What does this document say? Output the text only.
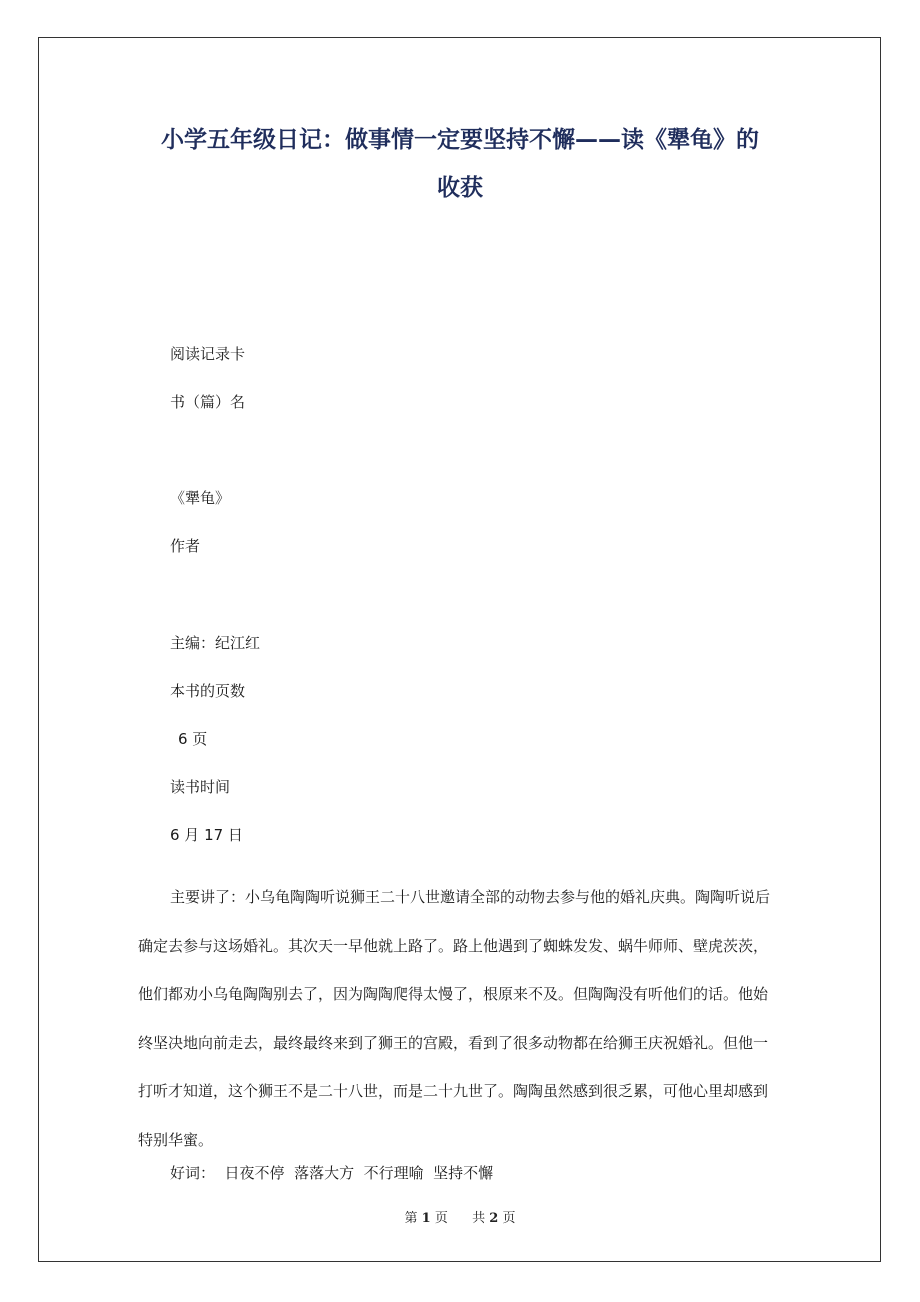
小学五年级日记：做事情一定要坚持不懈——读《犟龟》的
收获

阅读记录卡

书（篇）名

《犟龟》

作者

主编：纪江红

本书的页数

6 页

读书时间

6 月 17 日

主要讲了：小乌龟陶陶听说狮王二十八世邀请全部的动物去参与他的婚礼庆典。陶陶听说后
确定去参与这场婚礼。其次天一早他就上路了。路上他遇到了蜘蛛发发、蜗牛师师、壁虎茨茨，
他们都劝小乌龟陶陶别去了，因为陶陶爬得太慢了，根原来不及。但陶陶没有听他们的话。他始
终坚决地向前走去，最终最终来到了狮王的宫殿，看到了很多动物都在给狮王庆祝婚礼。但他一
打听才知道，这个狮王不是二十八世，而是二十九世了。陶陶虽然感到很乏累，可他心里却感到
特别华蜜。

好词：  日夜不停  落落大方  不行理喻  坚持不懈

第 1 页 共 2 页
